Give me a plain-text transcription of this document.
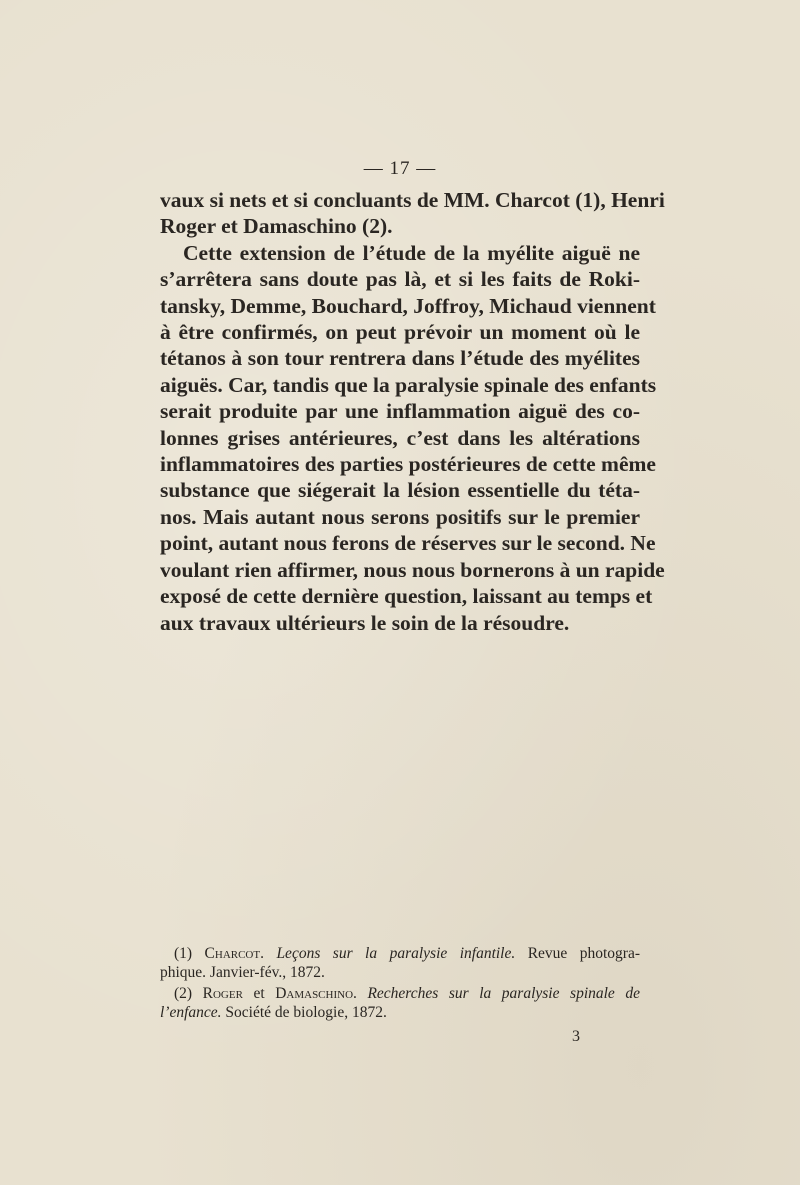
— 17 —
vaux si nets et si concluants de MM. Charcot (1), Henri
Roger et Damaschino (2).
Cette extension de l’étude de la myélite aiguë ne
s’arrêtera sans doute pas là, et si les faits de Roki-
tansky, Demme, Bouchard, Joffroy, Michaud viennent
à être confirmés, on peut prévoir un moment où le
tétanos à son tour rentrera dans l’étude des myélites
aiguës. Car, tandis que la paralysie spinale des enfants
serait produite par une inflammation aiguë des co-
lonnes grises antérieures, c’est dans les altérations
inflammatoires des parties postérieures de cette même
substance que siégerait la lésion essentielle du téta-
nos. Mais autant nous serons positifs sur le premier
point, autant nous ferons de réserves sur le second. Ne
voulant rien affirmer, nous nous bornerons à un rapide
exposé de cette dernière question, laissant au temps et
aux travaux ultérieurs le soin de la résoudre.
(1) Charcot. Leçons sur la paralysie infantile. Revue photogra-
phique. Janvier-fév., 1872.
(2) Roger et Damaschino. Recherches sur la paralysie spinale de
l’enfance. Société de biologie, 1872.
3
